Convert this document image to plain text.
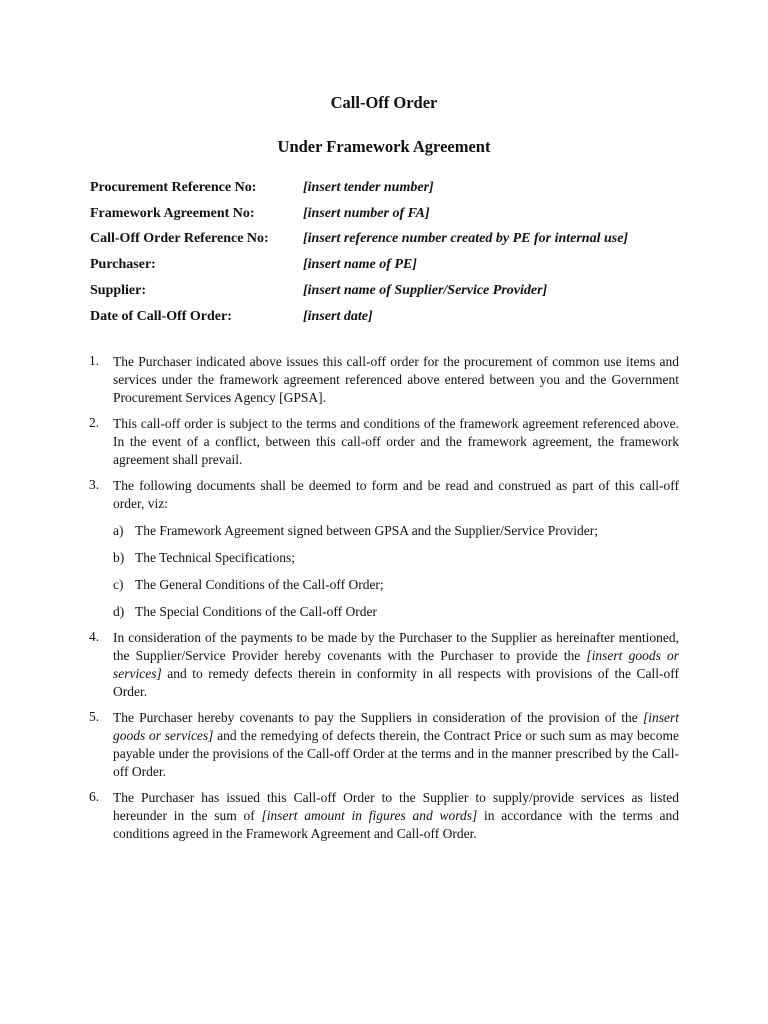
Call-Off Order
Under Framework Agreement
Procurement Reference No:	[insert tender number]
Framework Agreement No:	[insert number of FA]
Call-Off Order Reference No:	[insert reference number created by PE for internal use]
Purchaser:	[insert name of PE]
Supplier:	[insert name of Supplier/Service Provider]
Date of Call-Off Order:	[insert date]
1.	The Purchaser indicated above issues this call-off order for the procurement of common use items and services under the framework agreement referenced above entered between you and the Government Procurement Services Agency [GPSA].
2.	This call-off order is subject to the terms and conditions of the framework agreement referenced above. In the event of a conflict, between this call-off order and the framework agreement, the framework agreement shall prevail.
3.	The following documents shall be deemed to form and be read and construed as part of this call-off order, viz:
a) The Framework Agreement signed between GPSA and the Supplier/Service Provider;
b) The Technical Specifications;
c) The General Conditions of the Call-off Order;
d) The Special Conditions of the Call-off Order
4.	In consideration of the payments to be made by the Purchaser to the Supplier as hereinafter mentioned, the Supplier/Service Provider hereby covenants with the Purchaser to provide the [insert goods or services] and to remedy defects therein in conformity in all respects with provisions of the Call-off Order.
5.	The Purchaser hereby covenants to pay the Suppliers in consideration of the provision of the [insert goods or services] and the remedying of defects therein, the Contract Price or such sum as may become payable under the provisions of the Call-off Order at the terms and in the manner prescribed by the Call-off Order.
6.	The Purchaser has issued this Call-off Order to the Supplier to supply/provide services as listed hereunder in the sum of [insert amount in figures and words] in accordance with the terms and conditions agreed in the Framework Agreement and Call-off Order.
